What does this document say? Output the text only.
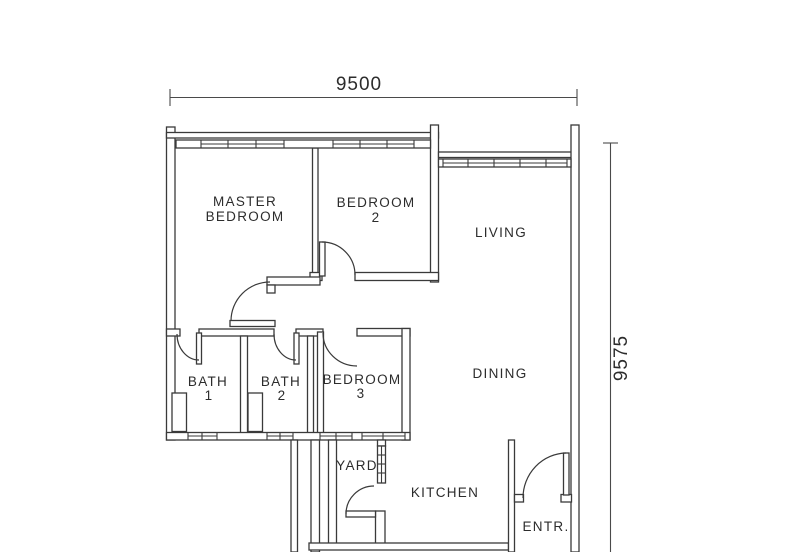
9500
9575
MASTER
BEDROOM
BEDROOM
2
LIVING
DINING
BATH
1
BATH
2
BEDROOM
3
YARD
KITCHEN
ENTR.
